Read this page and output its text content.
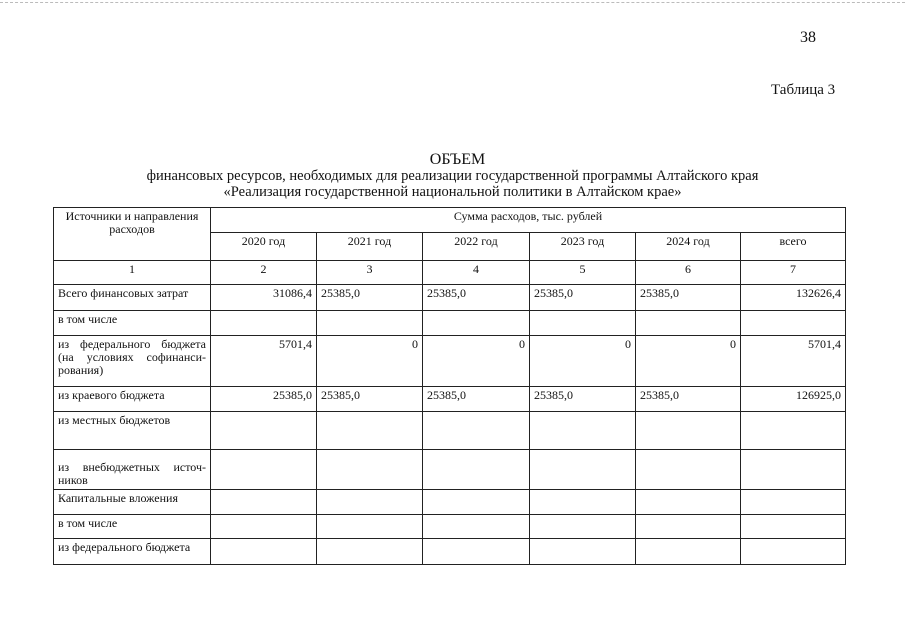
38
Таблица 3
ОБЪЕМ
финансовых ресурсов, необходимых для реализации государственной программы Алтайского края
«Реализация государственной национальной политики в Алтайском крае»
Источники и направления расходов	Сумма расходов, тыс. рублей					
	2020 год	2021 год	2022 год	2023 год	2024 год	всего
1	2	3	4	5	6	7
Всего финансовых затрат	31086,4	25385,0	25385,0	25385,0	25385,0	132626,4
в том числе						
из федерального бюджета (на условиях софинанси-рования)	5701,4	0	0	0	0	5701,4
из краевого бюджета	25385,0	25385,0	25385,0	25385,0	25385,0	126925,0
из местных бюджетов						
из внебюджетных источ-ников						
Капитальные вложения						
в том числе						
из федерального бюджета						
